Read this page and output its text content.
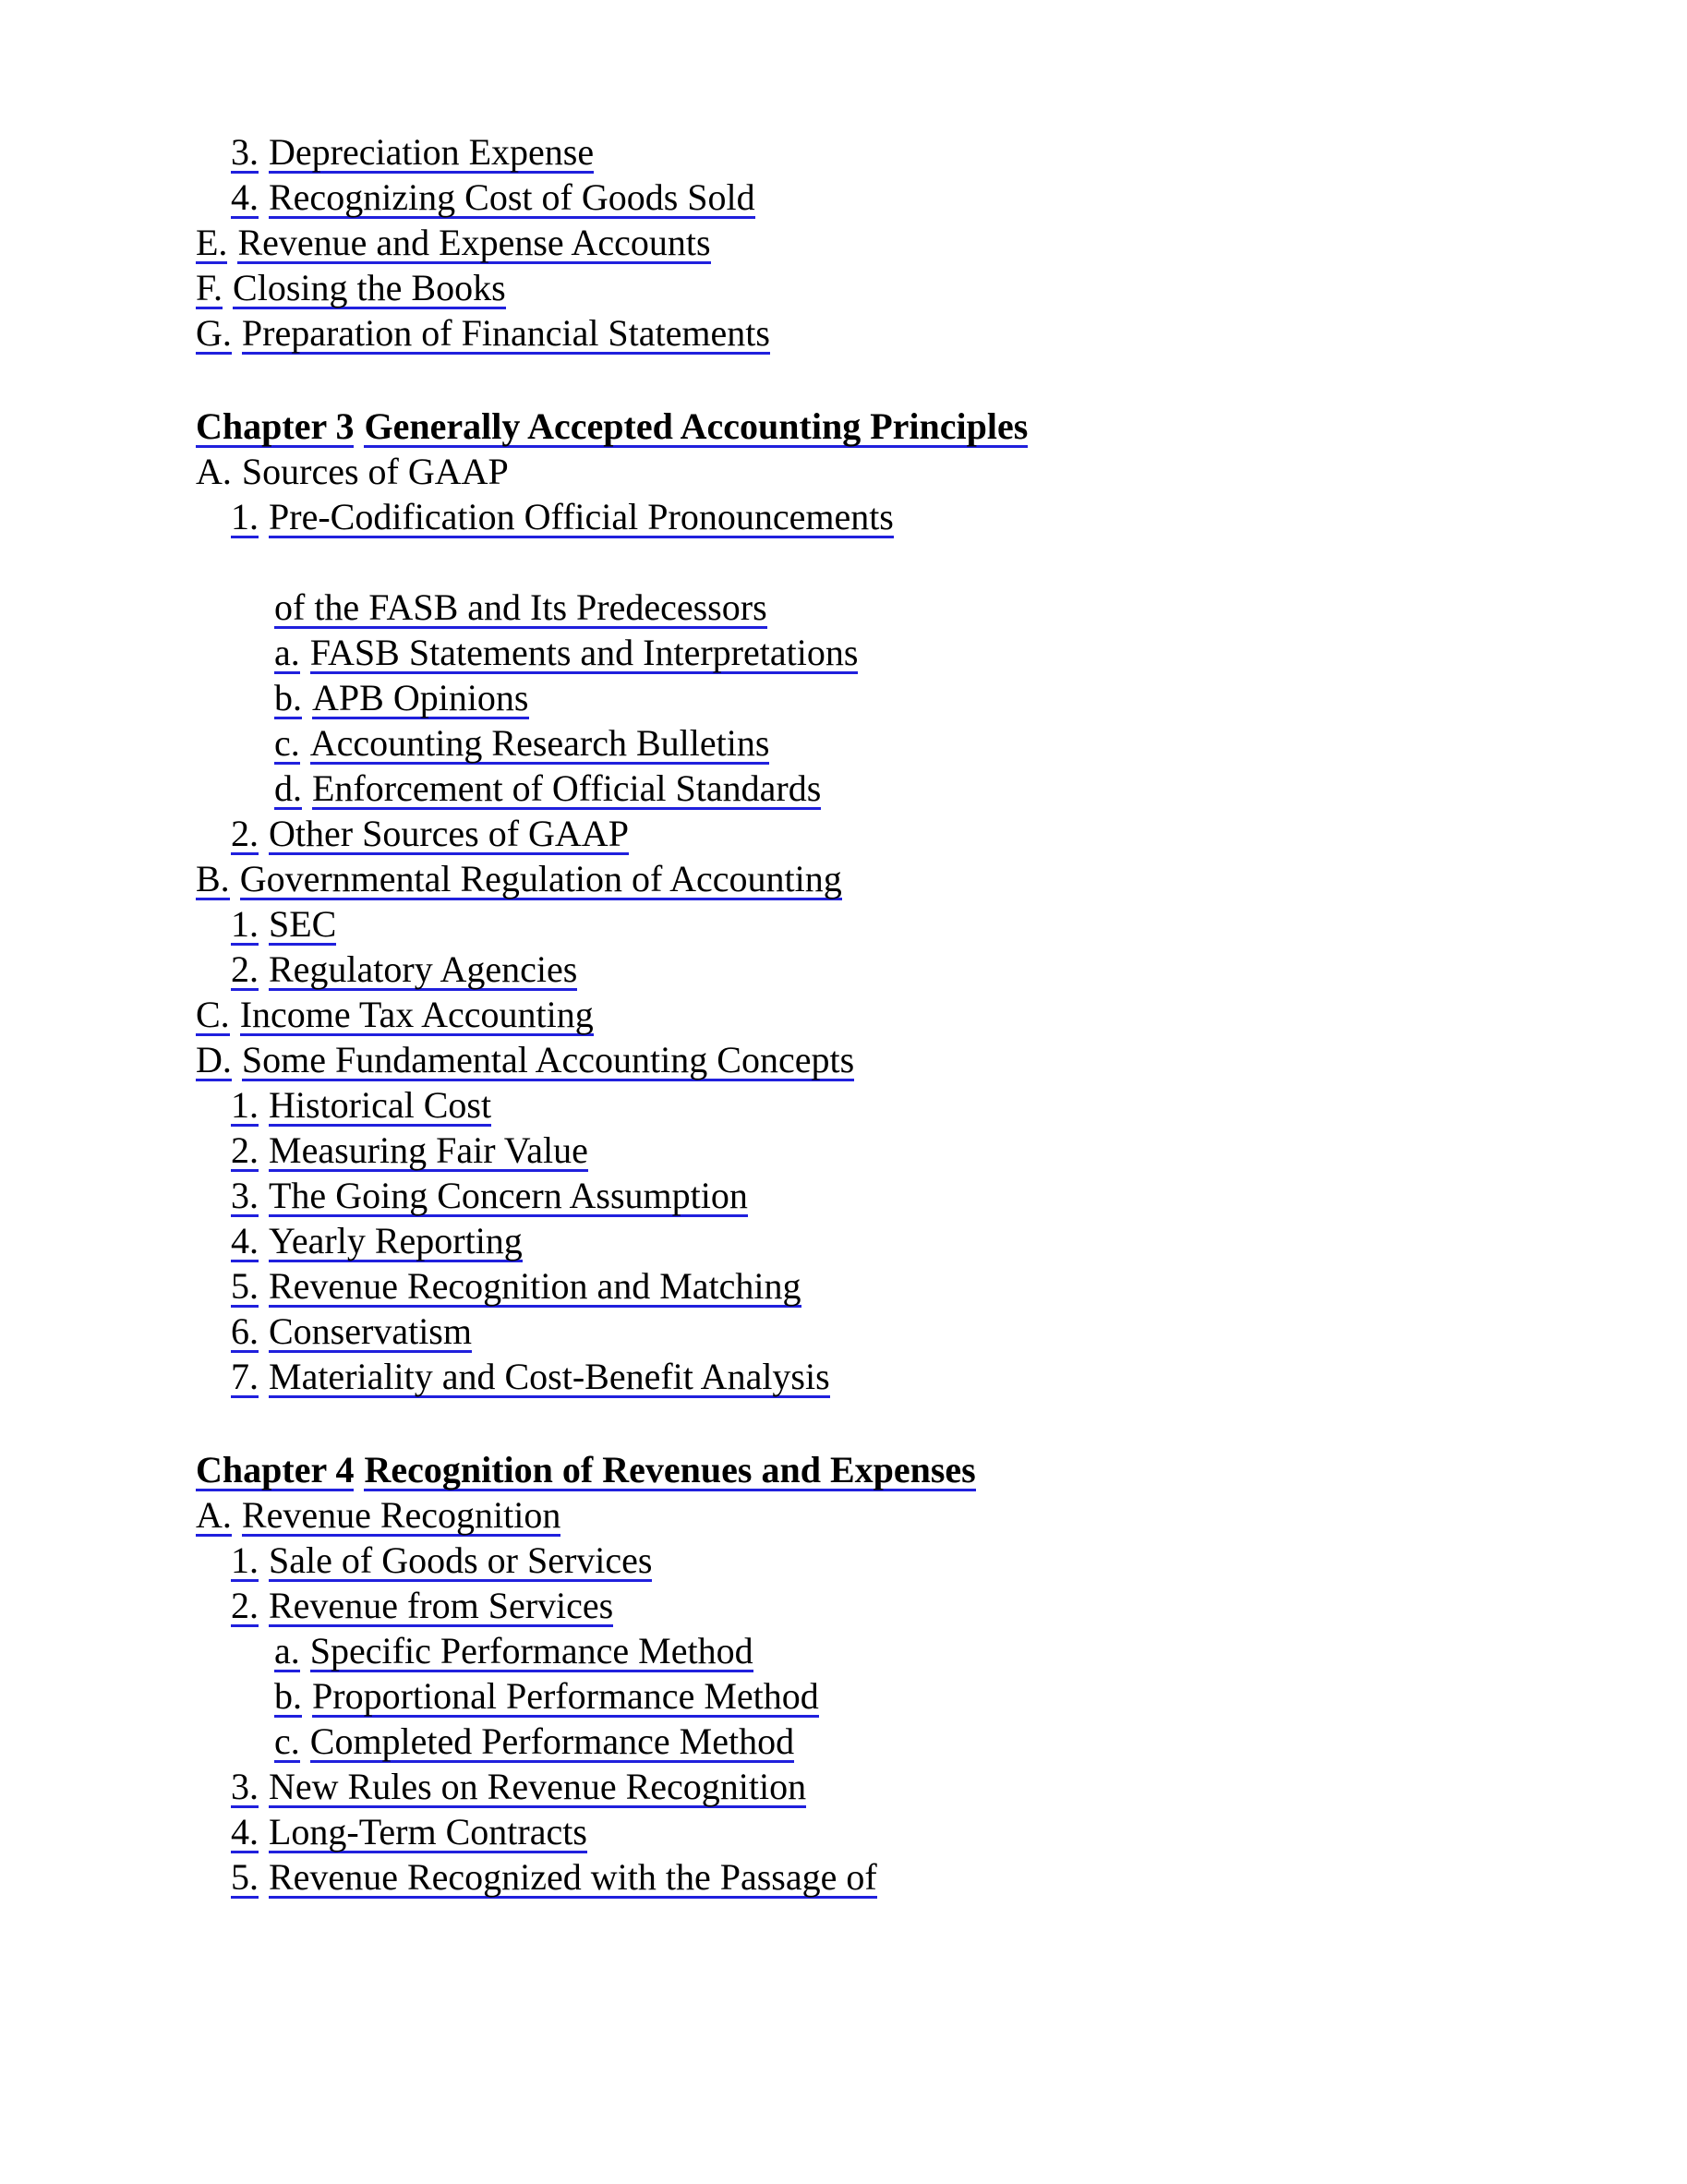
3. Depreciation Expense
4. Recognizing Cost of Goods Sold
E. Revenue and Expense Accounts
F. Closing the Books
G. Preparation of Financial Statements
Chapter 3 Generally Accepted Accounting Principles
A. Sources of GAAP
1. Pre-Codification Official Pronouncements
of the FASB and Its Predecessors
a. FASB Statements and Interpretations
b. APB Opinions
c. Accounting Research Bulletins
d. Enforcement of Official Standards
2. Other Sources of GAAP
B. Governmental Regulation of Accounting
1. SEC
2. Regulatory Agencies
C. Income Tax Accounting
D. Some Fundamental Accounting Concepts
1. Historical Cost
2. Measuring Fair Value
3. The Going Concern Assumption
4. Yearly Reporting
5. Revenue Recognition and Matching
6. Conservatism
7. Materiality and Cost-Benefit Analysis
Chapter 4 Recognition of Revenues and Expenses
A. Revenue Recognition
1. Sale of Goods or Services
2. Revenue from Services
a. Specific Performance Method
b. Proportional Performance Method
c. Completed Performance Method
3. New Rules on Revenue Recognition
4. Long-Term Contracts
5. Revenue Recognized with the Passage of
